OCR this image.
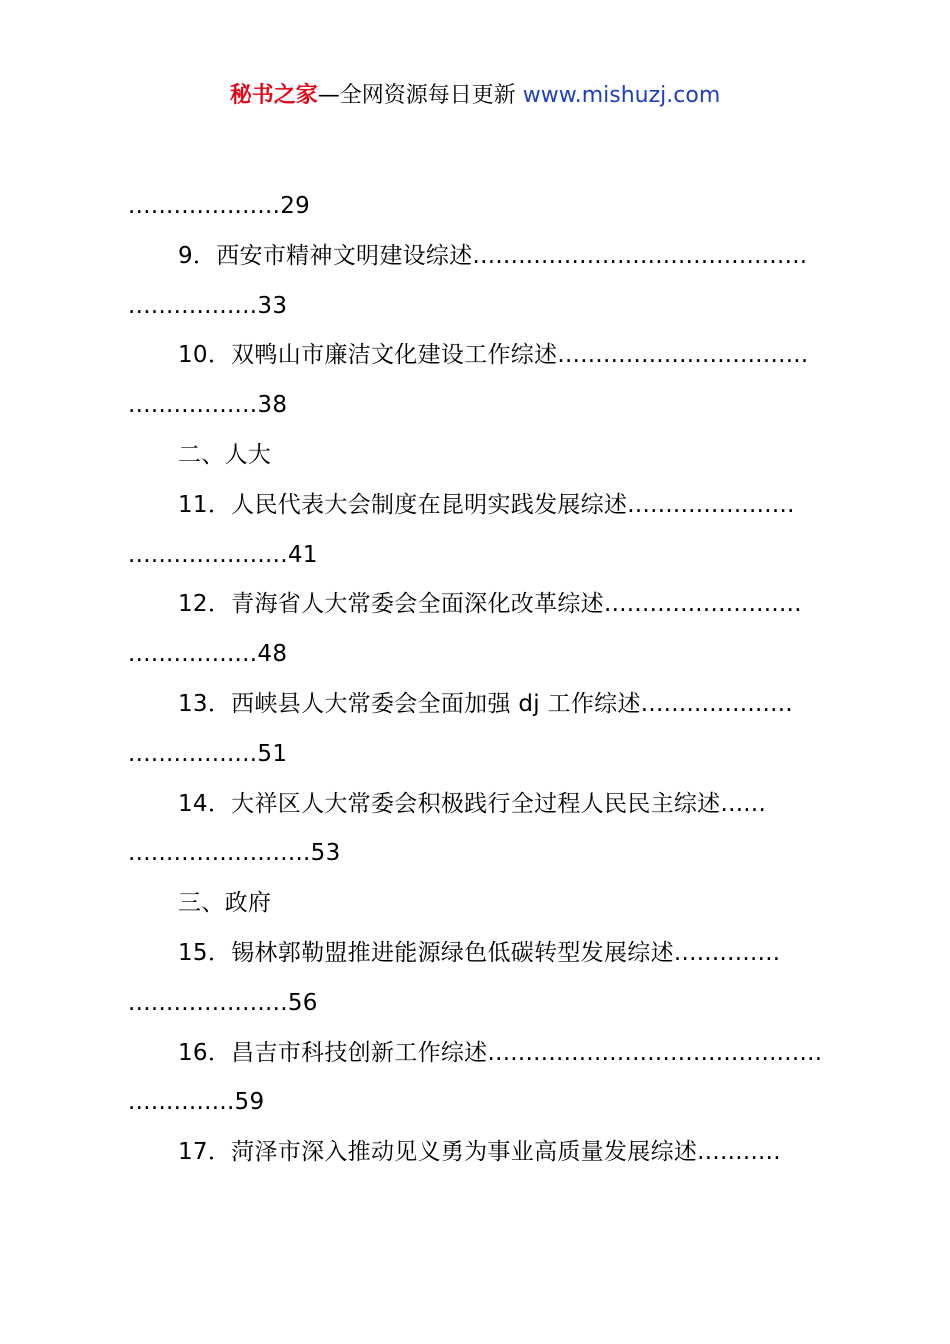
秘书之家—全网资源每日更新 www.mishuzj.com
....................29
9．西安市精神文明建设综述............................................
.................33
10．双鸭山市廉洁文化建设工作综述.................................
.................38
二、人大
11．人民代表大会制度在昆明实践发展综述......................
.....................41
12．青海省人大常委会全面深化改革综述..........................
.................48
13．西峡县人大常委会全面加强 dj 工作综述....................
.................51
14．大祥区人大常委会积极践行全过程人民民主综述......
........................53
三、政府
15．锡林郭勒盟推进能源绿色低碳转型发展综述..............
.....................56
16．昌吉市科技创新工作综述............................................
..............59
17．菏泽市深入推动见义勇为事业高质量发展综述...........
